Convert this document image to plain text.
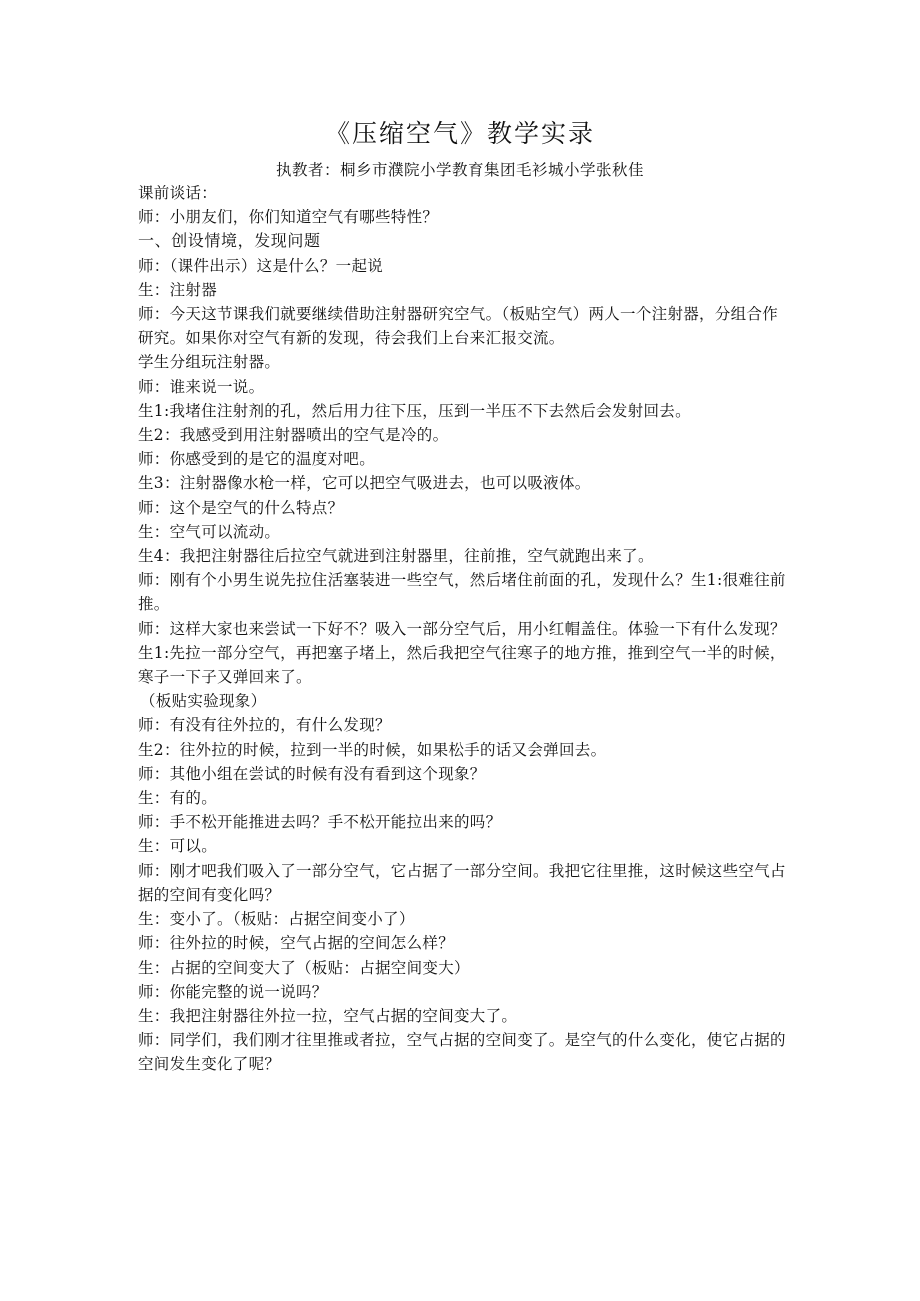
《压缩空气》教学实录
执教者：桐乡市濮院小学教育集团毛衫城小学张秋佳

课前谈话：

师：小朋友们，你们知道空气有哪些特性？

一、创设情境，发现问题

师：（课件出示）这是什么？一起说

生：注射器

师：今天这节课我们就要继续借助注射器研究空气。（板贴空气）两人一个注射器，分组合作研究。如果你对空气有新的发现，待会我们上台来汇报交流。

学生分组玩注射器。

师：谁来说一说。

生1:我堵住注射剂的孔，然后用力往下压，压到一半压不下去然后会发射回去。

生2：我感受到用注射器喷出的空气是冷的。

师：你感受到的是它的温度对吧。

生3：注射器像水枪一样，它可以把空气吸进去，也可以吸液体。

师：这个是空气的什么特点？

生：空气可以流动。

生4：我把注射器往后拉空气就进到注射器里，往前推，空气就跑出来了。

师：刚有个小男生说先拉住活塞装进一些空气，然后堵住前面的孔，发现什么？生1:很难往前推。

师：这样大家也来尝试一下好不？吸入一部分空气后，用小红帽盖住。体验一下有什么发现？

生1:先拉一部分空气，再把塞子堵上，然后我把空气往寒子的地方推，推到空气一半的时候，寒子一下子又弹回来了。

（板贴实验现象）

师：有没有往外拉的，有什么发现？

生2：往外拉的时候，拉到一半的时候，如果松手的话又会弹回去。

师：其他小组在尝试的时候有没有看到这个现象？

生：有的。

师：手不松开能推进去吗？手不松开能拉出来的吗？

生：可以。

师：刚才吧我们吸入了一部分空气，它占据了一部分空间。我把它往里推，这时候这些空气占据的空间有变化吗？

生：变小了。（板贴：占据空间变小了）

师：往外拉的时候，空气占据的空间怎么样？

生：占据的空间变大了（板贴：占据空间变大）

师：你能完整的说一说吗？

生：我把注射器往外拉一拉，空气占据的空间变大了。

师：同学们，我们刚才往里推或者拉，空气占据的空间变了。是空气的什么变化，使它占据的空间发生变化了呢？
